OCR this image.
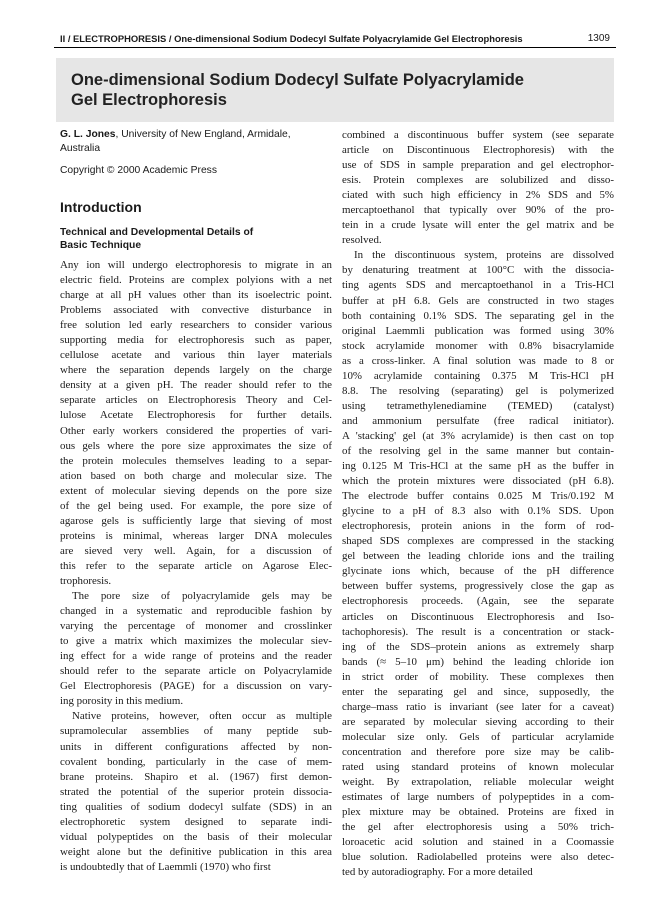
II / ELECTROPHORESIS / One-dimensional Sodium Dodecyl Sulfate Polyacrylamide Gel Electrophoresis	1309
One-dimensional Sodium Dodecyl Sulfate Polyacrylamide
Gel Electrophoresis

G. L. Jones, University of New England, Armidale,
Australia

Copyright © 2000 Academic Press

Introduction
Technical and Developmental Details of
Basic Technique
Any ion will undergo electrophoresis to migrate in an
electric field. Proteins are complex polyions with a net
charge at all pH values other than its isoelectric point.
Problems associated with convective disturbance in
free solution led early researchers to consider various
supporting media for electrophoresis such as paper,
cellulose acetate and various thin layer materials
where the separation depends largely on the charge
density at a given pH. The reader should refer to the
separate articles on Electrophoresis Theory and Cel-
lulose Acetate Electrophoresis for further details.
Other early workers considered the properties of vari-
ous gels where the pore size approximates the size of
the protein molecules themselves leading to a separ-
ation based on both charge and molecular size. The
extent of molecular sieving depends on the pore size
of the gel being used. For example, the pore size of
agarose gels is sufficiently large that sieving of most
proteins is minimal, whereas larger DNA molecules
are sieved very well. Again, for a discussion of
this refer to the separate article on Agarose Elec-
trophoresis.
The pore size of polyacrylamide gels may be
changed in a systematic and reproducible fashion by
varying the percentage of monomer and crosslinker
to give a matrix which maximizes the molecular siev-
ing effect for a wide range of proteins and the reader
should refer to the separate article on Polyacrylamide
Gel Electrophoresis (PAGE) for a discussion on vary-
ing porosity in this medium.
Native proteins, however, often occur as multiple
supramolecular assemblies of many peptide sub-
units in different configurations affected by non-
covalent bonding, particularly in the case of mem-
brane proteins. Shapiro et al. (1967) first demon-
strated the potential of the superior protein dissocia-
ting qualities of sodium dodecyl sulfate (SDS) in an
electrophoretic system designed to separate indi-
vidual polypeptides on the basis of their molecular
weight alone but the definitive publication in this area
is undoubtedly that of Laemmli (1970) who first
combined a discontinuous buffer system (see separate
article on Discontinuous Electrophoresis) with the
use of SDS in sample preparation and gel electrophor-
esis. Protein complexes are solubilized and disso-
ciated with such high efficiency in 2% SDS and 5%
mercaptoethanol that typically over 90% of the pro-
tein in a crude lysate will enter the gel matrix and be
resolved.
In the discontinuous system, proteins are dissolved
by denaturing treatment at 100°C with the dissocia-
ting agents SDS and mercaptoethanol in a Tris-HCl
buffer at pH 6.8. Gels are constructed in two stages
both containing 0.1% SDS. The separating gel in the
original Laemmli publication was formed using 30%
stock acrylamide monomer with 0.8% bisacrylamide
as a cross-linker. A final solution was made to 8 or
10% acrylamide containing 0.375 M Tris-HCl pH
8.8. The resolving (separating) gel is polymerized
using tetramethylenediamine (TEMED) (catalyst)
and ammonium persulfate (free radical initiator).
A 'stacking' gel (at 3% acrylamide) is then cast on top
of the resolving gel in the same manner but contain-
ing 0.125 M Tris-HCl at the same pH as the buffer in
which the protein mixtures were dissociated (pH 6.8).
The electrode buffer contains 0.025 M Tris/0.192 M
glycine to a pH of 8.3 also with 0.1% SDS. Upon
electrophoresis, protein anions in the form of rod-
shaped SDS complexes are compressed in the stacking
gel between the leading chloride ions and the trailing
glycinate ions which, because of the pH difference
between buffer systems, progressively close the gap as
electrophoresis proceeds. (Again, see the separate
articles on Discontinuous Electrophoresis and Iso-
tachophoresis). The result is a concentration or stack-
ing of the SDS–protein anions as extremely sharp
bands (≈ 5–10 μm) behind the leading chloride ion
in strict order of mobility. These complexes then
enter the separating gel and since, supposedly, the
charge–mass ratio is invariant (see later for a caveat)
are separated by molecular sieving according to their
molecular size only. Gels of particular acrylamide
concentration and therefore pore size may be calib-
rated using standard proteins of known molecular
weight. By extrapolation, reliable molecular weight
estimates of large numbers of polypeptides in a com-
plex mixture may be obtained. Proteins are fixed in
the gel after electrophoresis using a 50% trich-
loroacetic acid solution and stained in a Coomassie
blue solution. Radiolabelled proteins were also detec-
ted by autoradiography. For a more detailed
